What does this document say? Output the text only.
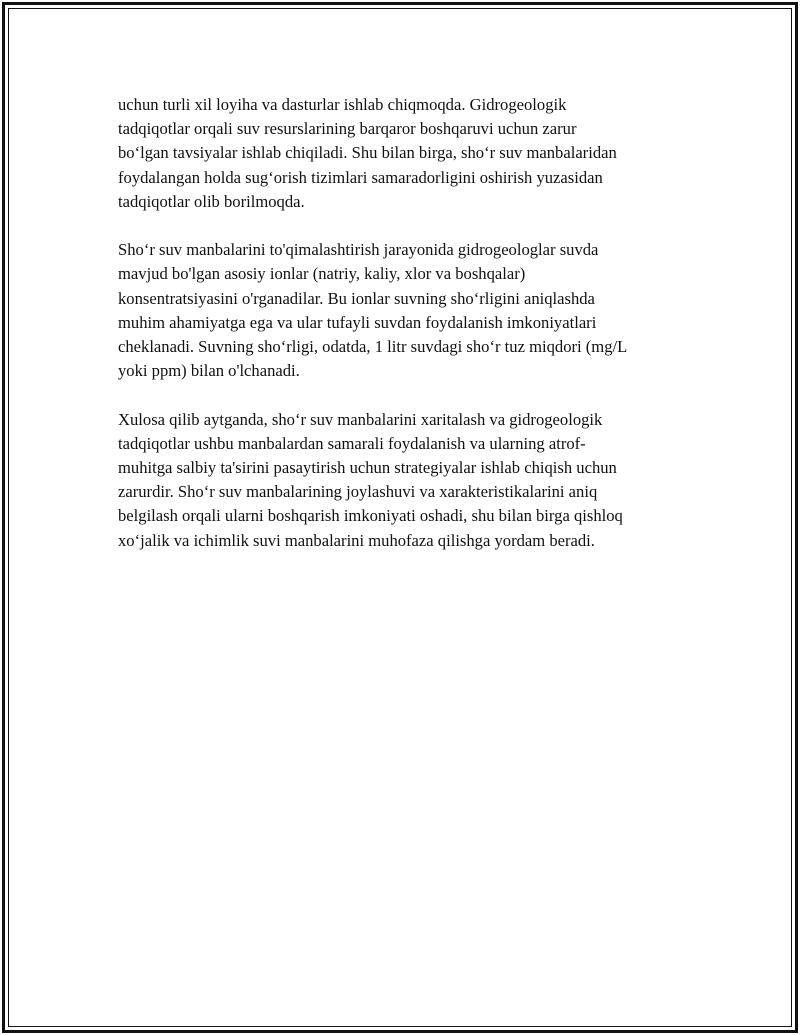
uchun turli xil loyiha va dasturlar ishlab chiqmoqda. Gidrogeologik
tadqiqotlar orqali suv resurslarining barqaror boshqaruvi uchun zarur
bo‘lgan tavsiyalar ishlab chiqiladi. Shu bilan birga, sho‘r suv manbalaridan
foydalangan holda sug‘orish tizimlari samaradorligini oshirish yuzasidan
tadqiqotlar olib borilmoqda.

Sho‘r suv manbalarini to'qimalashtirish jarayonida gidrogeologlar suvda
mavjud bo'lgan asosiy ionlar (natriy, kaliy, xlor va boshqalar)
konsentratsiyasini o'rganadilar. Bu ionlar suvning sho‘rligini aniqlashda
muhim ahamiyatga ega va ular tufayli suvdan foydalanish imkoniyatlari
cheklanadi. Suvning sho‘rligi, odatda, 1 litr suvdagi sho‘r tuz miqdori (mg/L
yoki ppm) bilan o'lchanadi.

Xulosa qilib aytganda, sho‘r suv manbalarini xaritalash va gidrogeologik
tadqiqotlar ushbu manbalardan samarali foydalanish va ularning atrof-
muhitga salbiy ta'sirini pasaytirish uchun strategiyalar ishlab chiqish uchun
zarurdir. Sho‘r suv manbalarining joylashuvi va xarakteristikalarini aniq
belgilash orqali ularni boshqarish imkoniyati oshadi, shu bilan birga qishloq
xo‘jalik va ichimlik suvi manbalarini muhofaza qilishga yordam beradi.
